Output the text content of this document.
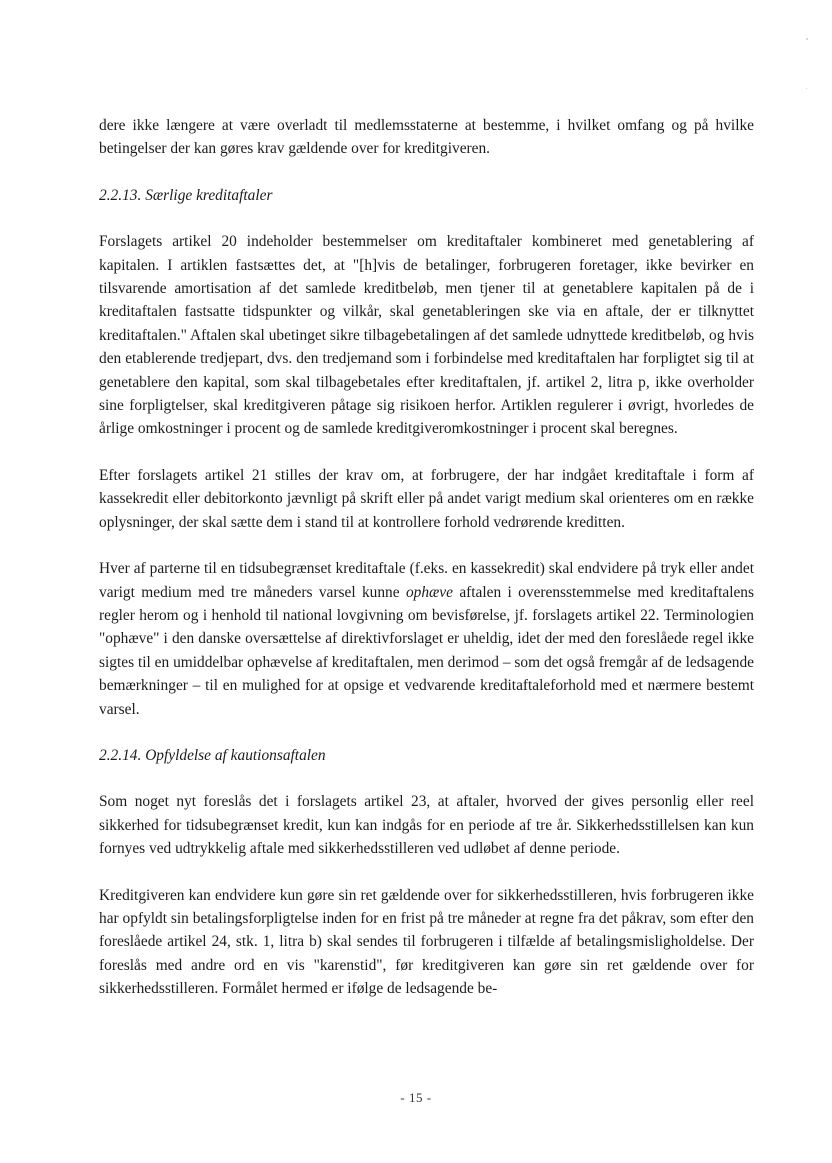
dere ikke længere at være overladt til medlemsstaterne at bestemme, i hvilket omfang og på hvilke betingelser der kan gøres krav gældende over for kreditgiveren.

2.2.13. Særlige kreditaftaler

Forslagets artikel 20 indeholder bestemmelser om kreditaftaler kombineret med genetablering af kapitalen. I artiklen fastsættes det, at "[h]vis de betalinger, forbrugeren foretager, ikke bevirker en tilsvarende amortisation af det samlede kreditbeløb, men tjener til at genetablere kapitalen på de i kreditaftalen fastsatte tidspunkter og vilkår, skal genetableringen ske via en aftale, der er tilknyttet kreditaftalen." Aftalen skal ubetinget sikre tilbagebetalingen af det samlede udnyttede kreditbeløb, og hvis den etablerende tredjepart, dvs. den tredjemand som i forbindelse med kreditaftalen har forpligtet sig til at genetablere den kapital, som skal tilbagebetales efter kreditaftalen, jf. artikel 2, litra p, ikke overholder sine forpligtelser, skal kreditgiveren påtage sig risikoen herfor. Artiklen regulerer i øvrigt, hvorledes de årlige omkostninger i procent og de samlede kreditgiveromkostninger i procent skal beregnes.

Efter forslagets artikel 21 stilles der krav om, at forbrugere, der har indgået kreditaftale i form af kassekredit eller debitorkonto jævnligt på skrift eller på andet varigt medium skal orienteres om en række oplysninger, der skal sætte dem i stand til at kontrollere forhold vedrørende kreditten.

Hver af parterne til en tidsubegrænset kreditaftale (f.eks. en kassekredit) skal endvidere på tryk eller andet varigt medium med tre måneders varsel kunne ophæve aftalen i overensstemmelse med kreditaftalens regler herom og i henhold til national lovgivning om bevisførelse, jf. forslagets artikel 22. Terminologien "ophæve" i den danske oversættelse af direktivforslaget er uheldig, idet der med den foreslåede regel ikke sigtes til en umiddelbar ophævelse af kreditaftalen, men derimod – som det også fremgår af de ledsagende bemærkninger – til en mulighed for at opsige et vedvarende kreditaftaleforhold med et nærmere bestemt varsel.

2.2.14. Opfyldelse af kautionsaftalen

Som noget nyt foreslås det i forslagets artikel 23, at aftaler, hvorved der gives personlig eller reel sikkerhed for tidsubegrænset kredit, kun kan indgås for en periode af tre år. Sikkerhedsstillelsen kan kun fornyes ved udtrykkelig aftale med sikkerhedsstilleren ved udløbet af denne periode.

Kreditgiveren kan endvidere kun gøre sin ret gældende over for sikkerhedsstilleren, hvis forbrugeren ikke har opfyldt sin betalingsforpligtelse inden for en frist på tre måneder at regne fra det påkrav, som efter den foreslåede artikel 24, stk. 1, litra b) skal sendes til forbrugeren i tilfælde af betalingsmisligholdelse. Der foreslås med andre ord en vis "karenstid", før kreditgiveren kan gøre sin ret gældende over for sikkerhedsstilleren. Formålet hermed er ifølge de ledsagende be-

- 15 -
